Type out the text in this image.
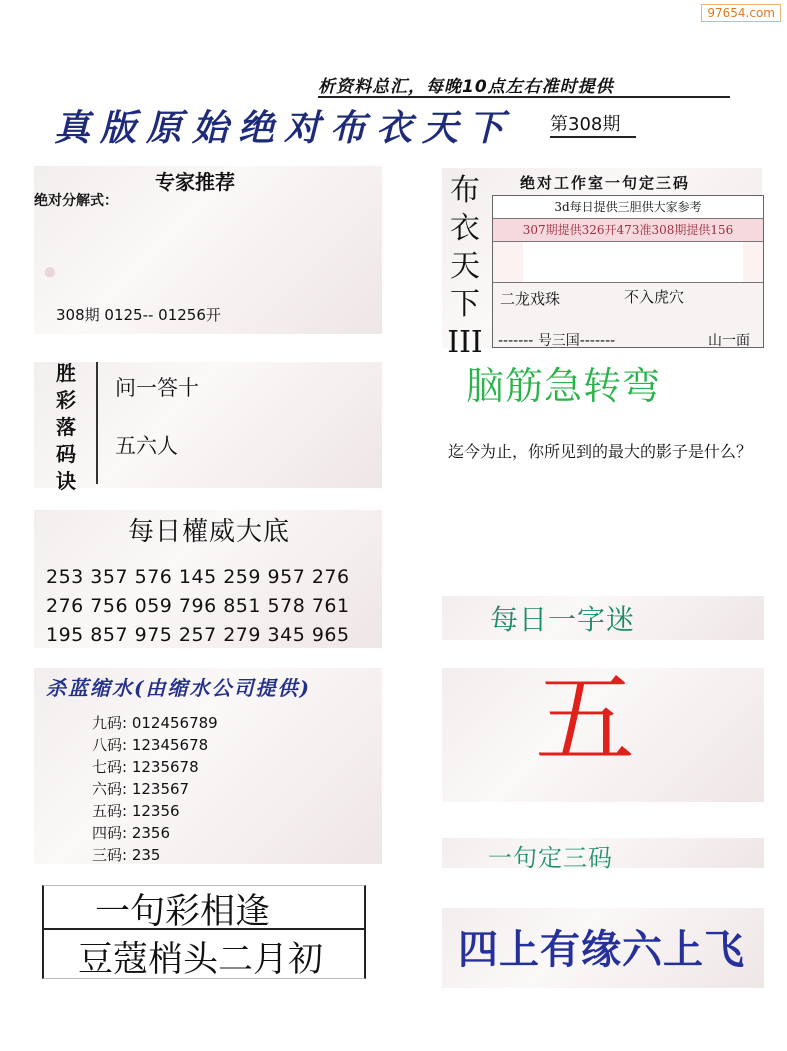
97654.com
析资料总汇，每晚10点左右准时提供
真版原始绝对布衣天下 第308期
·
专家推荐
绝对分解式：
308期 0125-- 01256开
胜
彩
落
码
诀
问一答十
五六人
每日權威大底
253 357 576 145 259 957 276
276 756 059 796 851 578 761
195 857 975 257 279 345 965
杀蓝缩水(由缩水公司提供)
九码: 012456789
八码: 12345678
七码: 1235678
六码: 123567
五码: 12356
四码: 2356
三码: 235
一句彩相逢
豆蔻梢头二月初
布
衣
天
下
III
绝对工作室一句定三码
3d每日提供三胆供大家参考
307期提供326开473准308期提供156
二龙戏珠	不入虎穴
------- 号三国-------	山一面
脑筋急转弯
迄今为止，你所见到的最大的影子是什么？
每日一字迷
五
一句定三码
四上有缘六上飞
